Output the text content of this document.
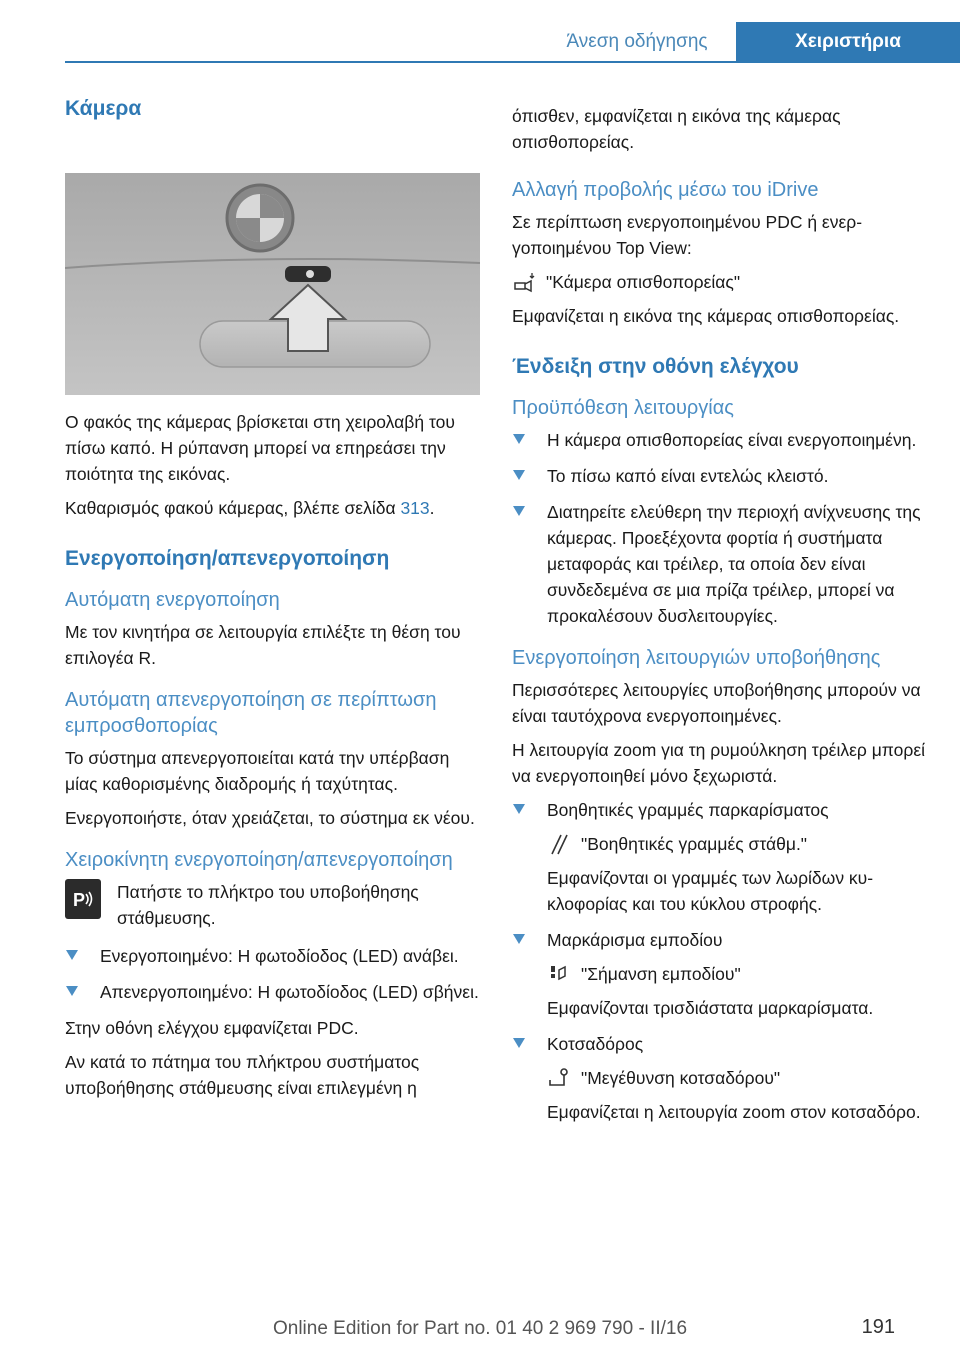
Άνεση οδήγησης	Χειριστήρια
Κάμερα
Ο φακός της κάμερας βρίσκεται στη χειρολαβή του πίσω καπό. Η ρύπανση μπορεί να επηρεάσει την ποιότητα της εικόνας.
Καθαρισμός φακού κάμερας, βλέπε σελίδα 313.
Ενεργοποίηση/απενεργοποίηση
Αυτόματη ενεργοποίηση
Με τον κινητήρα σε λειτουργία επιλέξτε τη θέση του επιλογέα R.
Αυτόματη απενεργοποίηση σε περίπτωση εμπροσθοπορίας
Το σύστημα απενεργοποιείται κατά την υπέρβαση μίας καθορισμένης διαδρομής ή ταχύτητας.
Ενεργοποιήστε, όταν χρειάζεται, το σύστημα εκ νέου.
Χειροκίνητη ενεργοποίηση/απενεργοποίηση
P Πατήστε το πλήκτρο του υποβοήθησης στάθμευσης.
Ενεργοποιημένο: Η φωτοδίοδος (LED) ανάβει.
Απενεργοποιημένο: Η φωτοδίοδος (LED) σβήνει.
Στην οθόνη ελέγχου εμφανίζεται PDC.
Αν κατά το πάτημα του πλήκτρου συστήματος υποβοήθησης στάθμευσης είναι επιλεγμένη η
όπισθεν, εμφανίζεται η εικόνα της κάμερας οπισθοπορείας.
Αλλαγή προβολής μέσω του iDrive
Σε περίπτωση ενεργοποιημένου PDC ή ενεργοποιημένου Top View:
"Κάμερα οπισθοπορείας"
Εμφανίζεται η εικόνα της κάμερας οπισθοπορείας.
Ένδειξη στην οθόνη ελέγχου
Προϋπόθεση λειτουργίας
Η κάμερα οπισθοπορείας είναι ενεργοποιημένη.
Το πίσω καπό είναι εντελώς κλειστό.
Διατηρείτε ελεύθερη την περιοχή ανίχνευσης της κάμερας. Προεξέχοντα φορτία ή συστήματα μεταφοράς και τρέιλερ, τα οποία δεν είναι συνδεδεμένα σε μια πρίζα τρέιλερ, μπορεί να προκαλέσουν δυσλειτουργίες.
Ενεργοποίηση λειτουργιών υποβοήθησης
Περισσότερες λειτουργίες υποβοήθησης μπορούν να είναι ταυτόχρονα ενεργοποιημένες.
Η λειτουργία zoom για τη ρυμούλκηση τρέιλερ μπορεί να ενεργοποιηθεί μόνο ξεχωριστά.
Βοηθητικές γραμμές παρκαρίσματος
"Βοηθητικές γραμμές στάθμ."
Εμφανίζονται οι γραμμές των λωρίδων κυκλοφορίας και του κύκλου στροφής.
Μαρκάρισμα εμποδίου
"Σήμανση εμποδίου"
Εμφανίζονται τρισδιάστατα μαρκαρίσματα.
Κοτσαδόρος
"Μεγέθυνση κοτσαδόρου"
Εμφανίζεται η λειτουργία zoom στον κοτσαδόρο.
Online Edition for Part no. 01 40 2 969 790 - II/16	191
